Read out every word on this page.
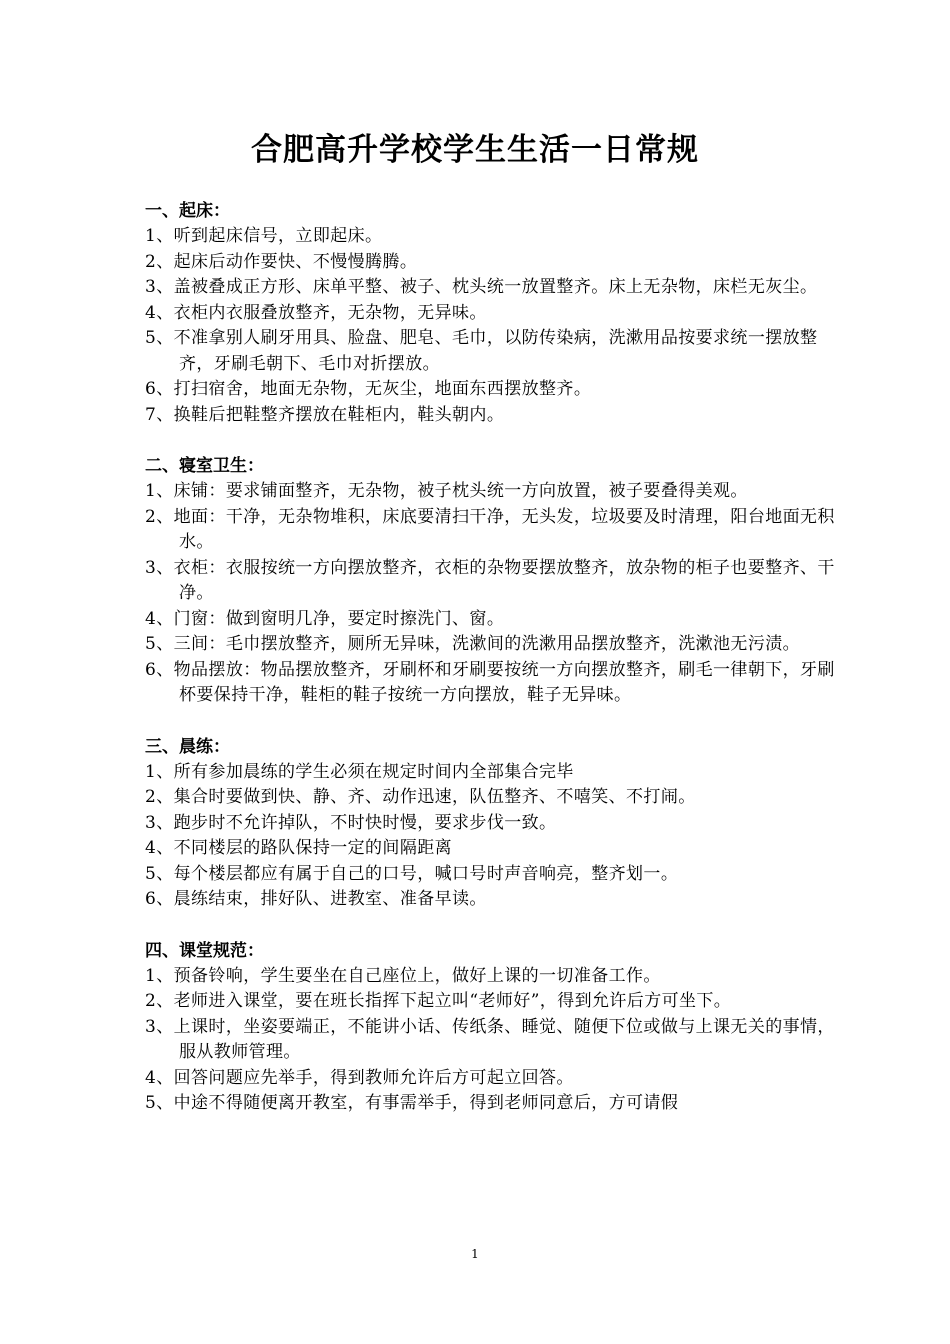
合肥高升学校学生生活一日常规
一、起床：
1、听到起床信号，立即起床。
2、起床后动作要快、不慢慢腾腾。
3、盖被叠成正方形、床单平整、被子、枕头统一放置整齐。床上无杂物，床栏无灰尘。
4、衣柜内衣服叠放整齐，无杂物，无异味。
5、不准拿别人刷牙用具、脸盘、肥皂、毛巾，以防传染病，洗漱用品按要求统一摆放整齐，牙刷毛朝下、毛巾对折摆放。
6、打扫宿舍，地面无杂物，无灰尘，地面东西摆放整齐。
7、换鞋后把鞋整齐摆放在鞋柜内，鞋头朝内。
二、寝室卫生：
1、床铺：要求铺面整齐，无杂物，被子枕头统一方向放置，被子要叠得美观。
2、地面：干净，无杂物堆积，床底要清扫干净，无头发，垃圾要及时清理，阳台地面无积水。
3、衣柜：衣服按统一方向摆放整齐，衣柜的杂物要摆放整齐，放杂物的柜子也要整齐、干净。
4、门窗：做到窗明几净，要定时擦洗门、窗。
5、三间：毛巾摆放整齐，厕所无异味，洗漱间的洗漱用品摆放整齐，洗漱池无污渍。
6、物品摆放：物品摆放整齐，牙刷杯和牙刷要按统一方向摆放整齐，刷毛一律朝下，牙刷杯要保持干净，鞋柜的鞋子按统一方向摆放，鞋子无异味。
三、晨练：
1、所有参加晨练的学生必须在规定时间内全部集合完毕
2、集合时要做到快、静、齐、动作迅速，队伍整齐、不嘻笑、不打闹。
3、跑步时不允许掉队，不时快时慢，要求步伐一致。
4、不同楼层的路队保持一定的间隔距离
5、每个楼层都应有属于自己的口号，喊口号时声音响亮，整齐划一。
6、晨练结束，排好队、进教室、准备早读。
四、课堂规范：
1、预备铃响，学生要坐在自己座位上，做好上课的一切准备工作。
2、老师进入课堂，要在班长指挥下起立叫“老师好”，得到允许后方可坐下。
3、上课时，坐姿要端正，不能讲小话、传纸条、睡觉、随便下位或做与上课无关的事情，服从教师管理。
4、回答问题应先举手，得到教师允许后方可起立回答。
5、中途不得随便离开教室，有事需举手，得到老师同意后，方可请假
1
